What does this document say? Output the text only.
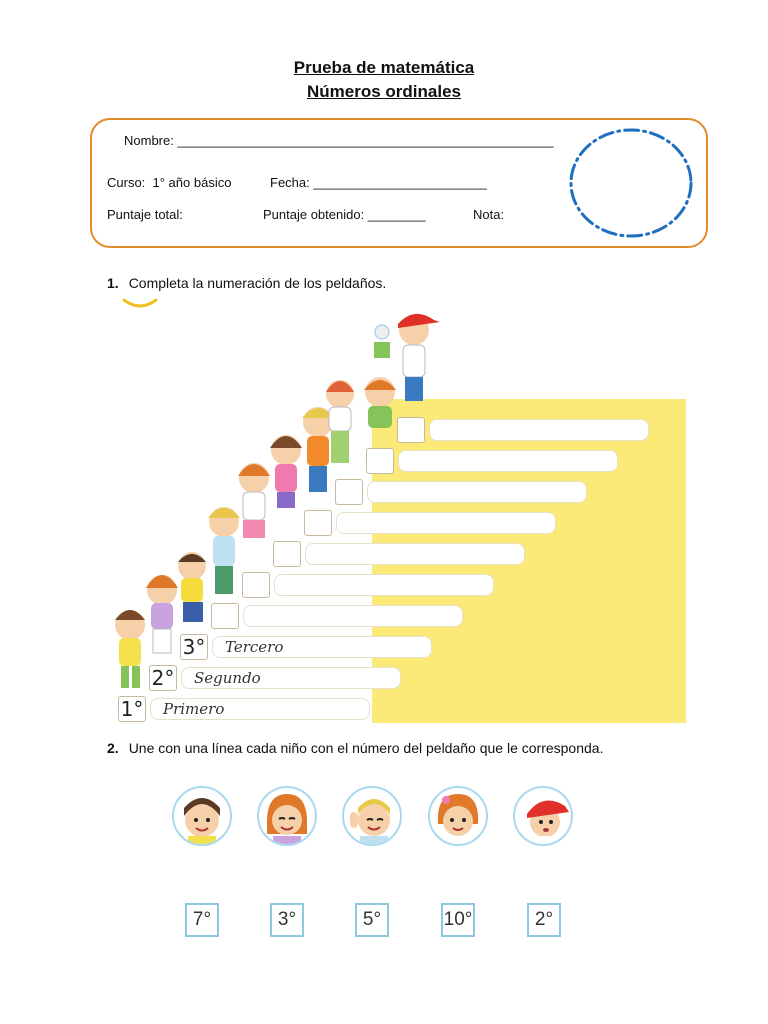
Prueba de matemática
Números ordinales
Nombre: ____________________________________________________
Curso:  1° año básico	Fecha: ________________________
Puntaje total:	Puntaje obtenido: ________	Nota:
1. Completa la numeración de los peldaños.
1°	Primero
2°	Segundo
3°	Tercero
2. Une con una línea cada niño con el número del peldaño que le corresponda.
7°	3°	5°	10°	2°
